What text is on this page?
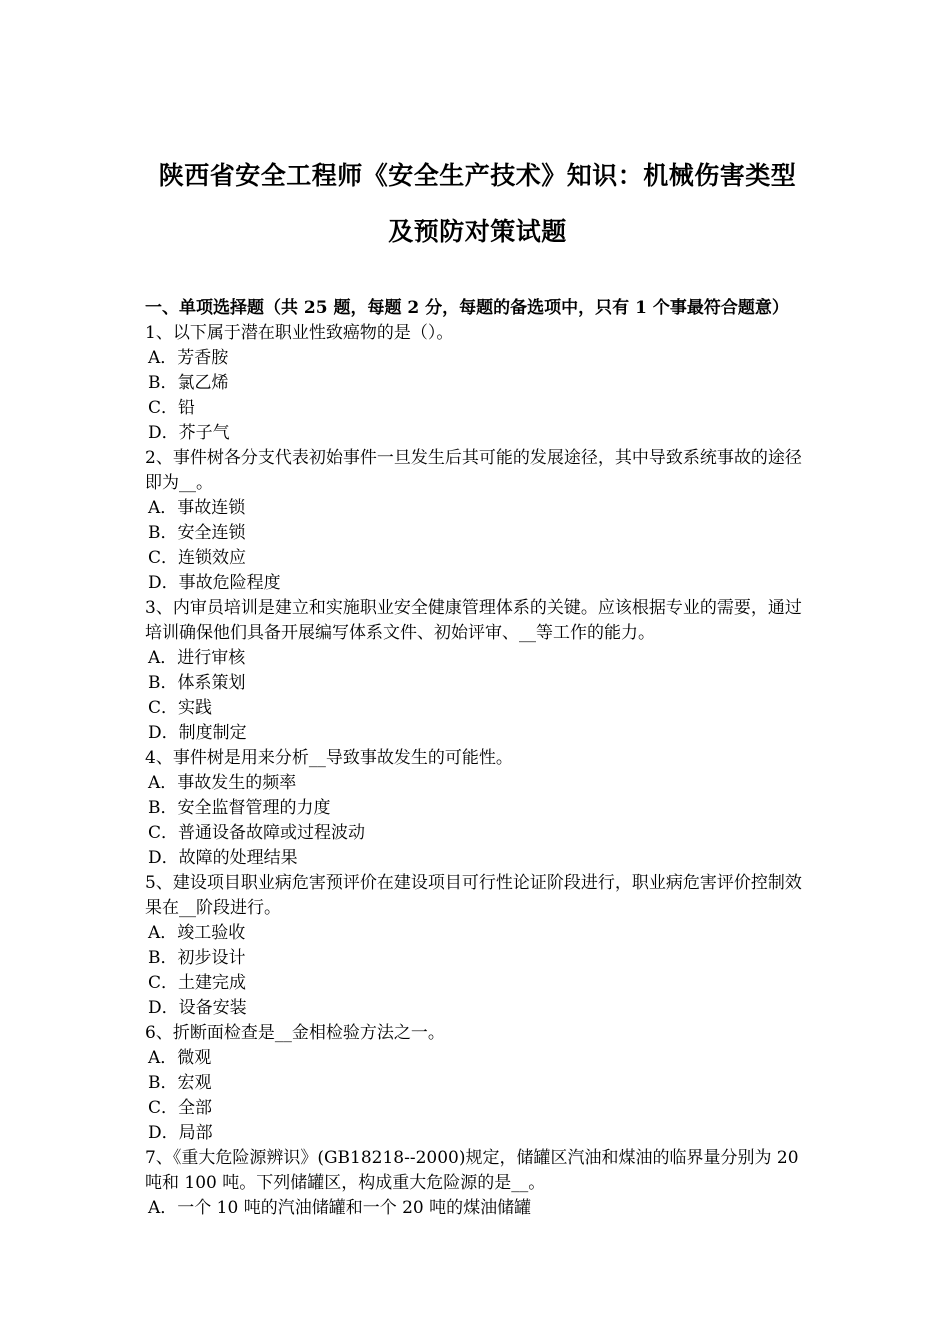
陕西省安全工程师《安全生产技术》知识：机械伤害类型
及预防对策试题
一、单项选择题（共 25 题，每题 2 分，每题的备选项中，只有 1 个事最符合题意）
1、以下属于潜在职业性致癌物的是（）。
A．芳香胺
B．氯乙烯
C．铅
D．芥子气
2、事件树各分支代表初始事件一旦发生后其可能的发展途径，其中导致系统事故的途径即为__。
A．事故连锁
B．安全连锁
C．连锁效应
D．事故危险程度
3、内审员培训是建立和实施职业安全健康管理体系的关键。应该根据专业的需要，通过培训确保他们具备开展编写体系文件、初始评审、__等工作的能力。
A．进行审核
B．体系策划
C．实践
D．制度制定
4、事件树是用来分析__导致事故发生的可能性。
A．事故发生的频率
B．安全监督管理的力度
C．普通设备故障或过程波动
D．故障的处理结果
5、建设项目职业病危害预评价在建设项目可行性论证阶段进行，职业病危害评价控制效果在__阶段进行。
A．竣工验收
B．初步设计
C．土建完成
D．设备安装
6、折断面检查是__金相检验方法之一。
A．微观
B．宏观
C．全部
D．局部
7、《重大危险源辨识》(GB18218--2000)规定，储罐区汽油和煤油的临界量分别为 20 吨和 100 吨。下列储罐区，构成重大危险源的是__。
A．一个 10 吨的汽油储罐和一个 20 吨的煤油储罐
